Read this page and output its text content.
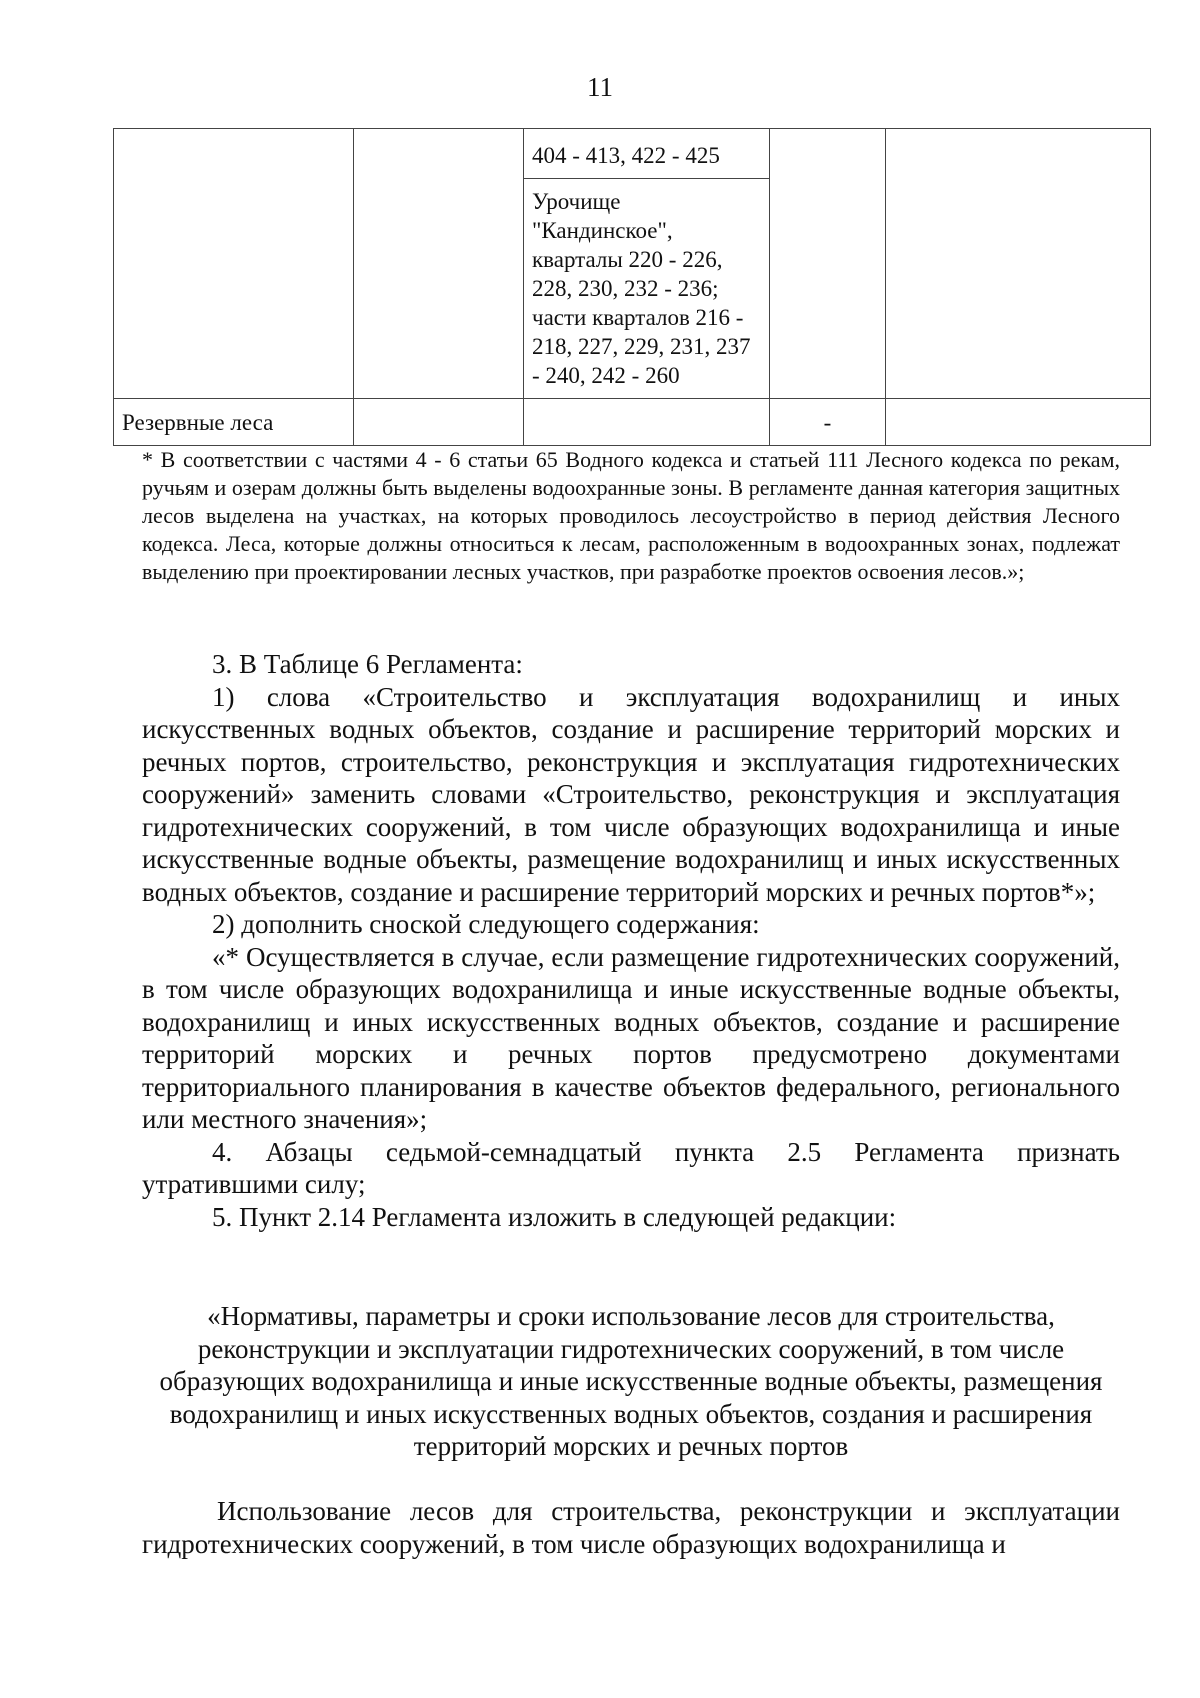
11
		404 - 413, 422 - 425		
		Урочище "Кандинское", кварталы 220 - 226, 228, 230, 232 - 236; части кварталов 216 - 218, 227, 229, 231, 237 - 240, 242 - 260		
Резервные леса			-	

* В соответствии с частями 4 - 6 статьи 65 Водного кодекса и статьей 111 Лесного кодекса по рекам, ручьям и озерам должны быть выделены водоохранные зоны. В регламенте данная категория защитных лесов выделена на участках, на которых проводилось лесоустройство в период действия Лесного кодекса. Леса, которые должны относиться к лесам, расположенным в водоохранных зонах, подлежат выделению при проектировании лесных участков, при разработке проектов освоения лесов.»;

3. В Таблице 6 Регламента:

1) слова «Строительство и эксплуатация водохранилищ и иных искусственных водных объектов, создание и расширение территорий морских и речных портов, строительство, реконструкция и эксплуатация гидротехнических сооружений» заменить словами «Строительство, реконструкция и эксплуатация гидротехнических сооружений, в том числе образующих водохранилища и иные искусственные водные объекты, размещение водохранилищ и иных искусственных водных объектов, создание и расширение территорий морских и речных портов*»;

2) дополнить сноской следующего содержания:

«* Осуществляется в случае, если размещение гидротехнических сооружений, в том числе образующих водохранилища и иные искусственные водные объекты, водохранилищ и иных искусственных водных объектов, создание и расширение территорий морских и речных портов предусмотрено документами территориального планирования в качестве объектов федерального, регионального или местного значения»;

4. Абзацы седьмой-семнадцатый пункта 2.5 Регламента признать утратившими силу;

5. Пункт 2.14 Регламента изложить в следующей редакции:

«Нормативы, параметры и сроки использование лесов для строительства, реконструкции и эксплуатации гидротехнических сооружений, в том числе образующих водохранилища и иные искусственные водные объекты, размещения водохранилищ и иных искусственных водных объектов, создания и расширения территорий морских и речных портов

Использование лесов для строительства, реконструкции и эксплуатации гидротехнических сооружений, в том числе образующих водохранилища и
